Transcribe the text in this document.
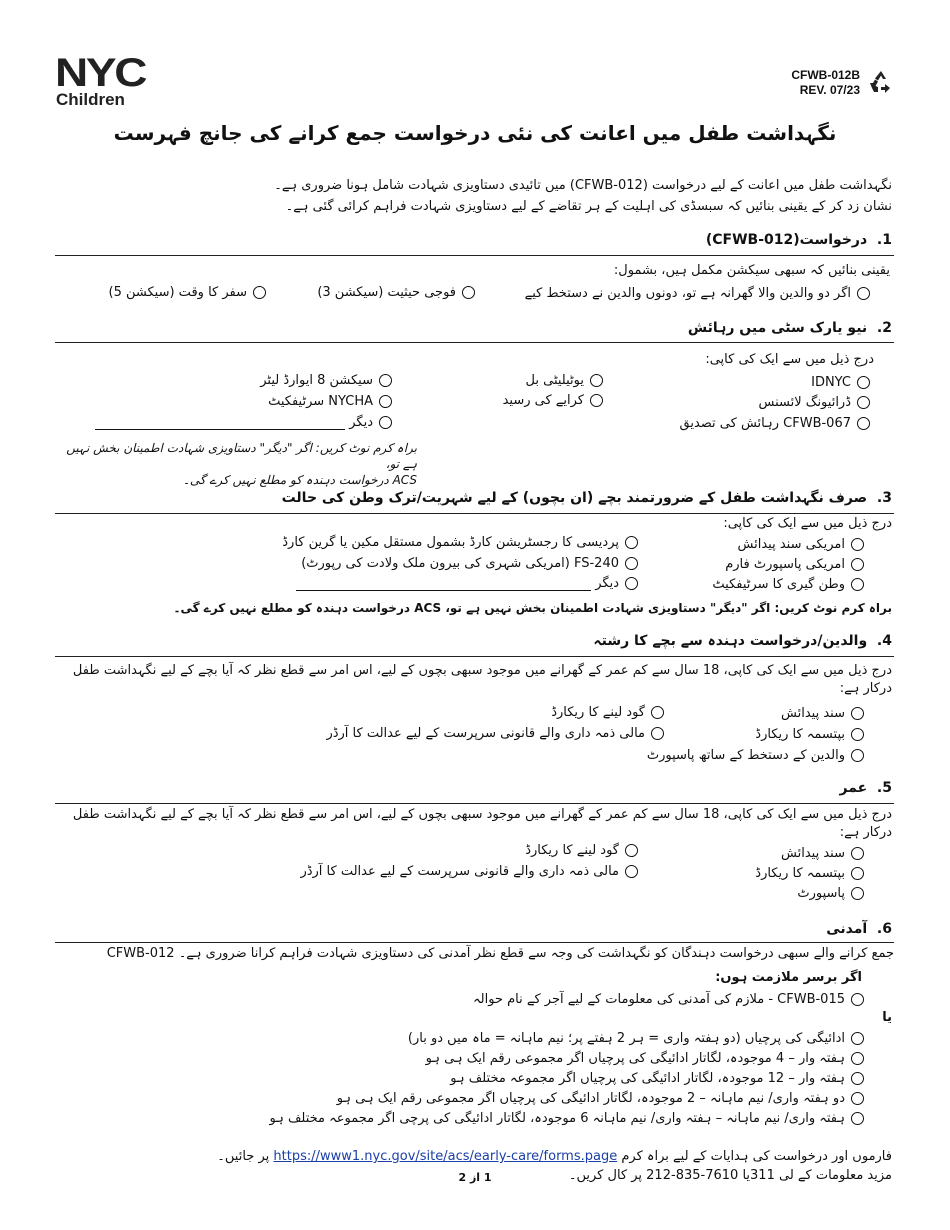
NYC
Children
CFWB-012B
REV. 07/23
نگہداشت طفل میں اعانت کی نئی درخواست جمع کرانے کی جانچ فہرست
نگہداشت طفل میں اعانت کے لیے درخواست (CFWB-012) میں تائیدی دستاویزی شہادت شامل ہونا ضروری ہے۔
نشان زد کر کے یقینی بنائیں کہ سبسڈی کی اہلیت کے ہر تقاضے کے لیے دستاویزی شہادت فراہم کرائی گئی ہے۔
1.  درخواست(CFWB-012)
یقینی بنائیں کہ سبھی سیکشن مکمل ہیں، بشمول:
اگر دو والدین والا گھرانہ ہے تو، دونوں والدین نے دستخط کیے
فوجی حیثیت (سیکشن 3)
سفر کا وقت (سیکشن 5)
2.  نیو یارک سٹی میں رہائش
درج ذیل میں سے ایک کی کاپی:
IDNYC
ڈرائیونگ لائسنس
CFWB-067 رہائش کی تصدیق
یوٹیلیٹی بل
کرایے کی رسید
سیکشن 8 ایوارڈ لیٹر
NYCHA سرٹیفکیٹ
دیگر
براہ کرم نوٹ کریں: اگر "دیگر" دستاویزی شہادت اطمینان بخش نہیں ہے تو،
ACS درخواست دہندہ کو مطلع نہیں کرے گی۔
3.  صرف نگہداشت طفل کے ضرورتمند بچے (ان بچوں) کے لیے شہریت/ترک وطن کی حالت
درج ذیل میں سے ایک کی کاپی:
امریکی سند پیدائش
امریکی پاسپورٹ فارم
وطن گیری کا سرٹیفکیٹ
پردیسی کا رجسٹریشن کارڈ بشمول مستقل مکین یا گرین کارڈ
FS-240 (امریکی شہری کی بیرون ملک ولادت کی رپورٹ)
دیگر
براہ کرم نوٹ کریں: اگر "دیگر" دستاویزی شہادت اطمینان بخش نہیں ہے تو، ACS درخواست دہندہ کو مطلع نہیں کرے گی۔
4.  والدین/درخواست دہندہ سے بچے کا رشتہ
درج ذیل میں سے ایک کی کاپی، 18 سال سے کم عمر کے گھرانے میں موجود سبھی بچوں کے لیے، اس امر سے قطع نظر کہ آیا بچے کے لیے نگہداشت طفل درکار ہے:
سند پیدائش
بپتسمہ کا ریکارڈ
والدین کے دستخط کے ساتھ پاسپورٹ
گود لینے کا ریکارڈ
مالی ذمہ داری والے قانونی سرپرست کے لیے عدالت کا آرڈر
5.  عمر
درج ذیل میں سے ایک کی کاپی، 18 سال سے کم عمر کے گھرانے میں موجود سبھی بچوں کے لیے، اس امر سے قطع نظر کہ آیا بچے کے لیے نگہداشت طفل درکار ہے:
سند پیدائش
بپتسمہ کا ریکارڈ
پاسپورٹ
گود لینے کا ریکارڈ
مالی ذمہ داری والے قانونی سرپرست کے لیے عدالت کا آرڈر
6.  آمدنی
CFWB-012 جمع کرانے والے سبھی درخواست دہندگان کو نگہداشت کی وجہ سے قطع نظر آمدنی کی دستاویزی شہادت فراہم کرانا ضروری ہے۔
اگر برسر ملازمت ہوں:
CFWB-015 - ملازم کی آمدنی کی معلومات کے لیے آجر کے نام حوالہ
یا
ادائیگی کی پرچیاں (دو ہفتہ واری = ہر 2 ہفتے پر؛ نیم ماہانہ = ماہ میں دو بار)
ہفتہ وار – 4 موجودہ، لگاتار ادائیگی کی پرچیاں اگر مجموعی رقم ایک ہی ہو
ہفتہ وار – 12 موجودہ، لگاتار ادائیگی کی پرچیاں اگر مجموعہ مختلف ہو
دو ہفتہ واری/ نیم ماہانہ – 2 موجودہ، لگاتار ادائیگی کی پرچیاں اگر مجموعی رقم ایک ہی ہو
ہفتہ واری/ نیم ماہانہ – ہفتہ واری/ نیم ماہانہ 6 موجودہ، لگاتار ادائیگی کی پرچی اگر مجموعہ مختلف ہو
فارموں اور درخواست کی ہدایات کے لیے براہ کرم https://www1.nyc.gov/site/acs/early-care/forms.page پر جائیں۔
مزید معلومات کے لی 311یا 7610-835-212 پر کال کریں۔
1 از 2
